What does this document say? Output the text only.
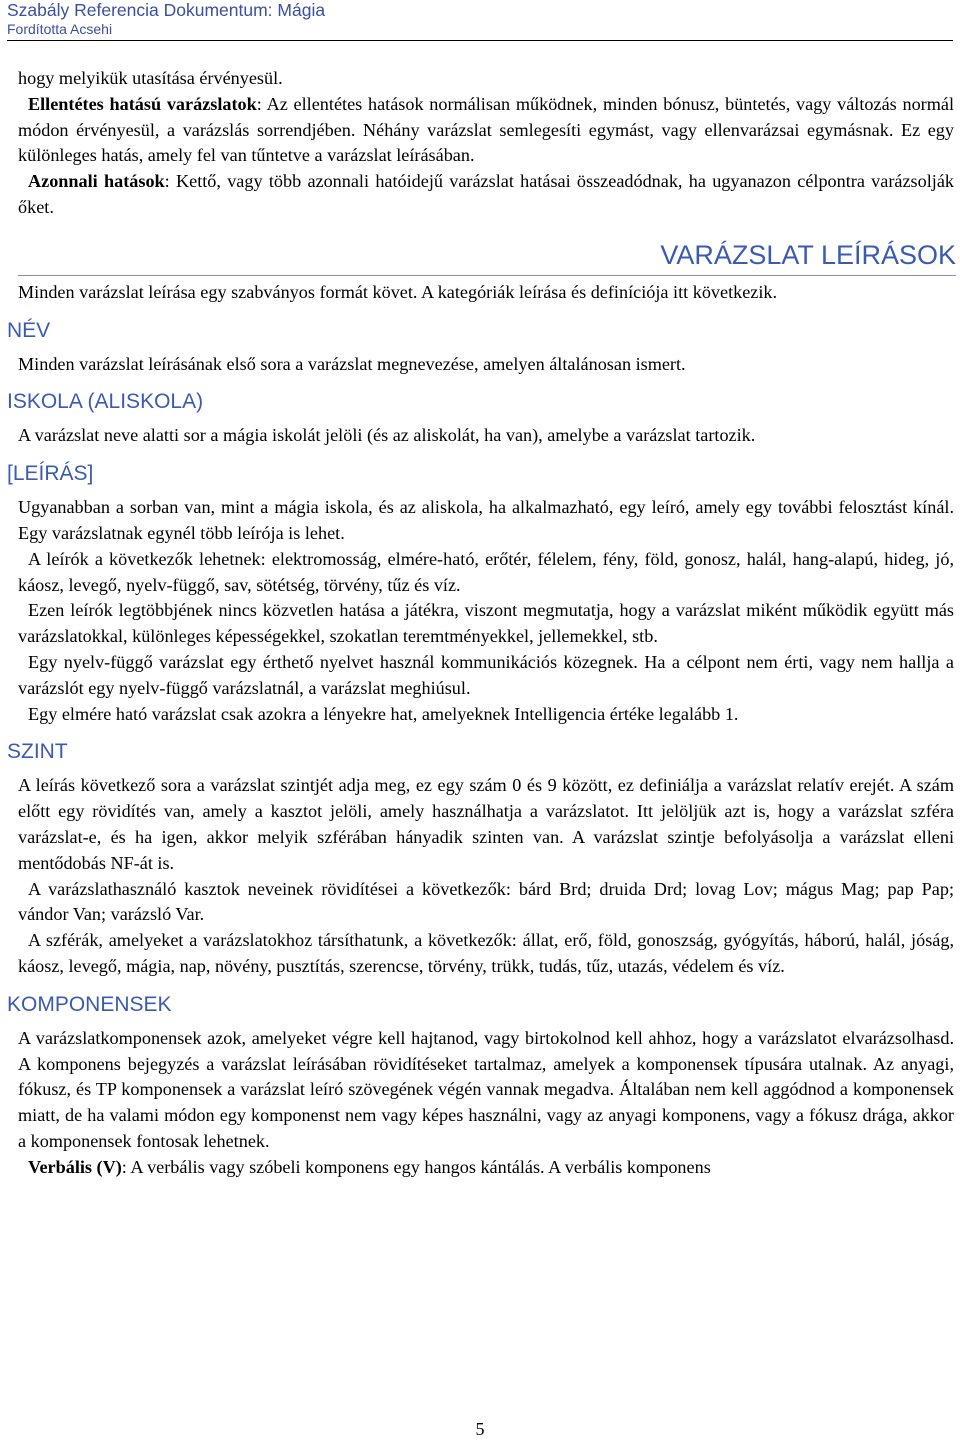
Szabály Referencia Dokumentum: Mágia
Fordította Acsehi

hogy melyikük utasítása érvényesül.

Ellentétes hatású varázslatok: Az ellentétes hatások normálisan működnek, minden bónusz, büntetés, vagy változás normál módon érvényesül, a varázslás sorrendjében. Néhány varázslat semlegesíti egymást, vagy ellenvarázsai egymásnak. Ez egy különleges hatás, amely fel van tűntetve a varázslat leírásában.

Azonnali hatások: Kettő, vagy több azonnali hatóidejű varázslat hatásai összeadódnak, ha ugyanazon célpontra varázsolják őket.

VARÁZSLAT LEÍRÁSOK

Minden varázslat leírása egy szabványos formát követ. A kategóriák leírása és definíciója itt következik.

NÉV

Minden varázslat leírásának első sora a varázslat megnevezése, amelyen általánosan ismert.

ISKOLA (ALISKOLA)

A varázslat neve alatti sor a mágia iskolát jelöli (és az aliskolát, ha van), amelybe a varázslat tartozik.

[LEÍRÁS]

Ugyanabban a sorban van, mint a mágia iskola, és az aliskola, ha alkalmazható, egy leíró, amely egy további felosztást kínál. Egy varázslatnak egynél több leírója is lehet.

A leírók a következők lehetnek: elektromosság, elmére-ható, erőtér, félelem, fény, föld, gonosz, halál, hang-alapú, hideg, jó, káosz, levegő, nyelv-függő, sav, sötétség, törvény, tűz és víz.

Ezen leírók legtöbbjének nincs közvetlen hatása a játékra, viszont megmutatja, hogy a varázslat miként működik együtt más varázslatokkal, különleges képességekkel, szokatlan teremtményekkel, jellemekkel, stb.

Egy nyelv-függő varázslat egy érthető nyelvet használ kommunikációs közegnek. Ha a célpont nem érti, vagy nem hallja a varázslót egy nyelv-függő varázslatnál, a varázslat meghiúsul.

Egy elmére ható varázslat csak azokra a lényekre hat, amelyeknek Intelligencia értéke legalább 1.

SZINT

A leírás következő sora a varázslat szintjét adja meg, ez egy szám 0 és 9 között, ez definiálja a varázslat relatív erejét. A szám előtt egy rövidítés van, amely a kasztot jelöli, amely használhatja a varázslatot. Itt jelöljük azt is, hogy a varázslat szféra varázslat-e, és ha igen, akkor melyik szférában hányadik szinten van. A varázslat szintje befolyásolja a varázslat elleni mentődobás NF-át is.

A varázslathasználó kasztok neveinek rövidítései a következők: bárd Brd; druida Drd; lovag Lov; mágus Mag; pap Pap; vándor Van; varázsló Var.

A szférák, amelyeket a varázslatokhoz társíthatunk, a következők: állat, erő, föld, gonoszság, gyógyítás, háború, halál, jóság, káosz, levegő, mágia, nap, növény, pusztítás, szerencse, törvény, trükk, tudás, tűz, utazás, védelem és víz.

KOMPONENSEK

A varázslatkomponensek azok, amelyeket végre kell hajtanod, vagy birtokolnod kell ahhoz, hogy a varázslatot elvarázsolhasd. A komponens bejegyzés a varázslat leírásában rövidítéseket tartalmaz, amelyek a komponensek típusára utalnak. Az anyagi, fókusz, és TP komponensek a varázslat leíró szövegének végén vannak megadva. Általában nem kell aggódnod a komponensek miatt, de ha valami módon egy komponenst nem vagy képes használni, vagy az anyagi komponens, vagy a fókusz drága, akkor a komponensek fontosak lehetnek.

Verbális (V): A verbális vagy szóbeli komponens egy hangos kántálás. A verbális komponens

5
